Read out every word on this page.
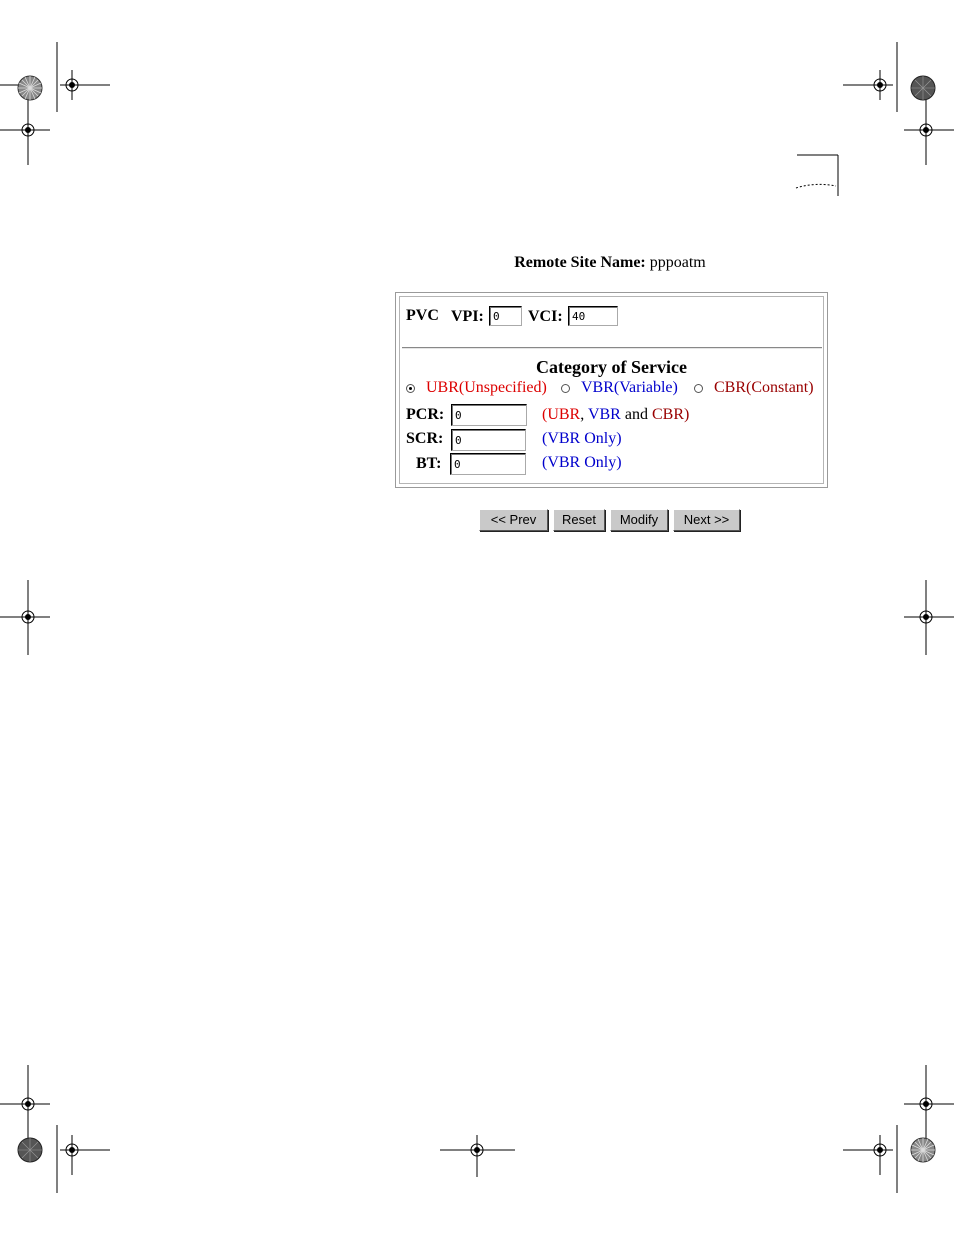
Remote Site Name: pppoatm
PVC VPI:
0	VCI:
40
Category of Service
UBR(Unspecified) VBR(Variable) CBR(Constant)
PCR:
0	(UBR, VBR and CBR)
SCR:
0	(VBR Only)
BT:
0	(VBR Only)
<< Prev	Reset	Modify	Next >>
